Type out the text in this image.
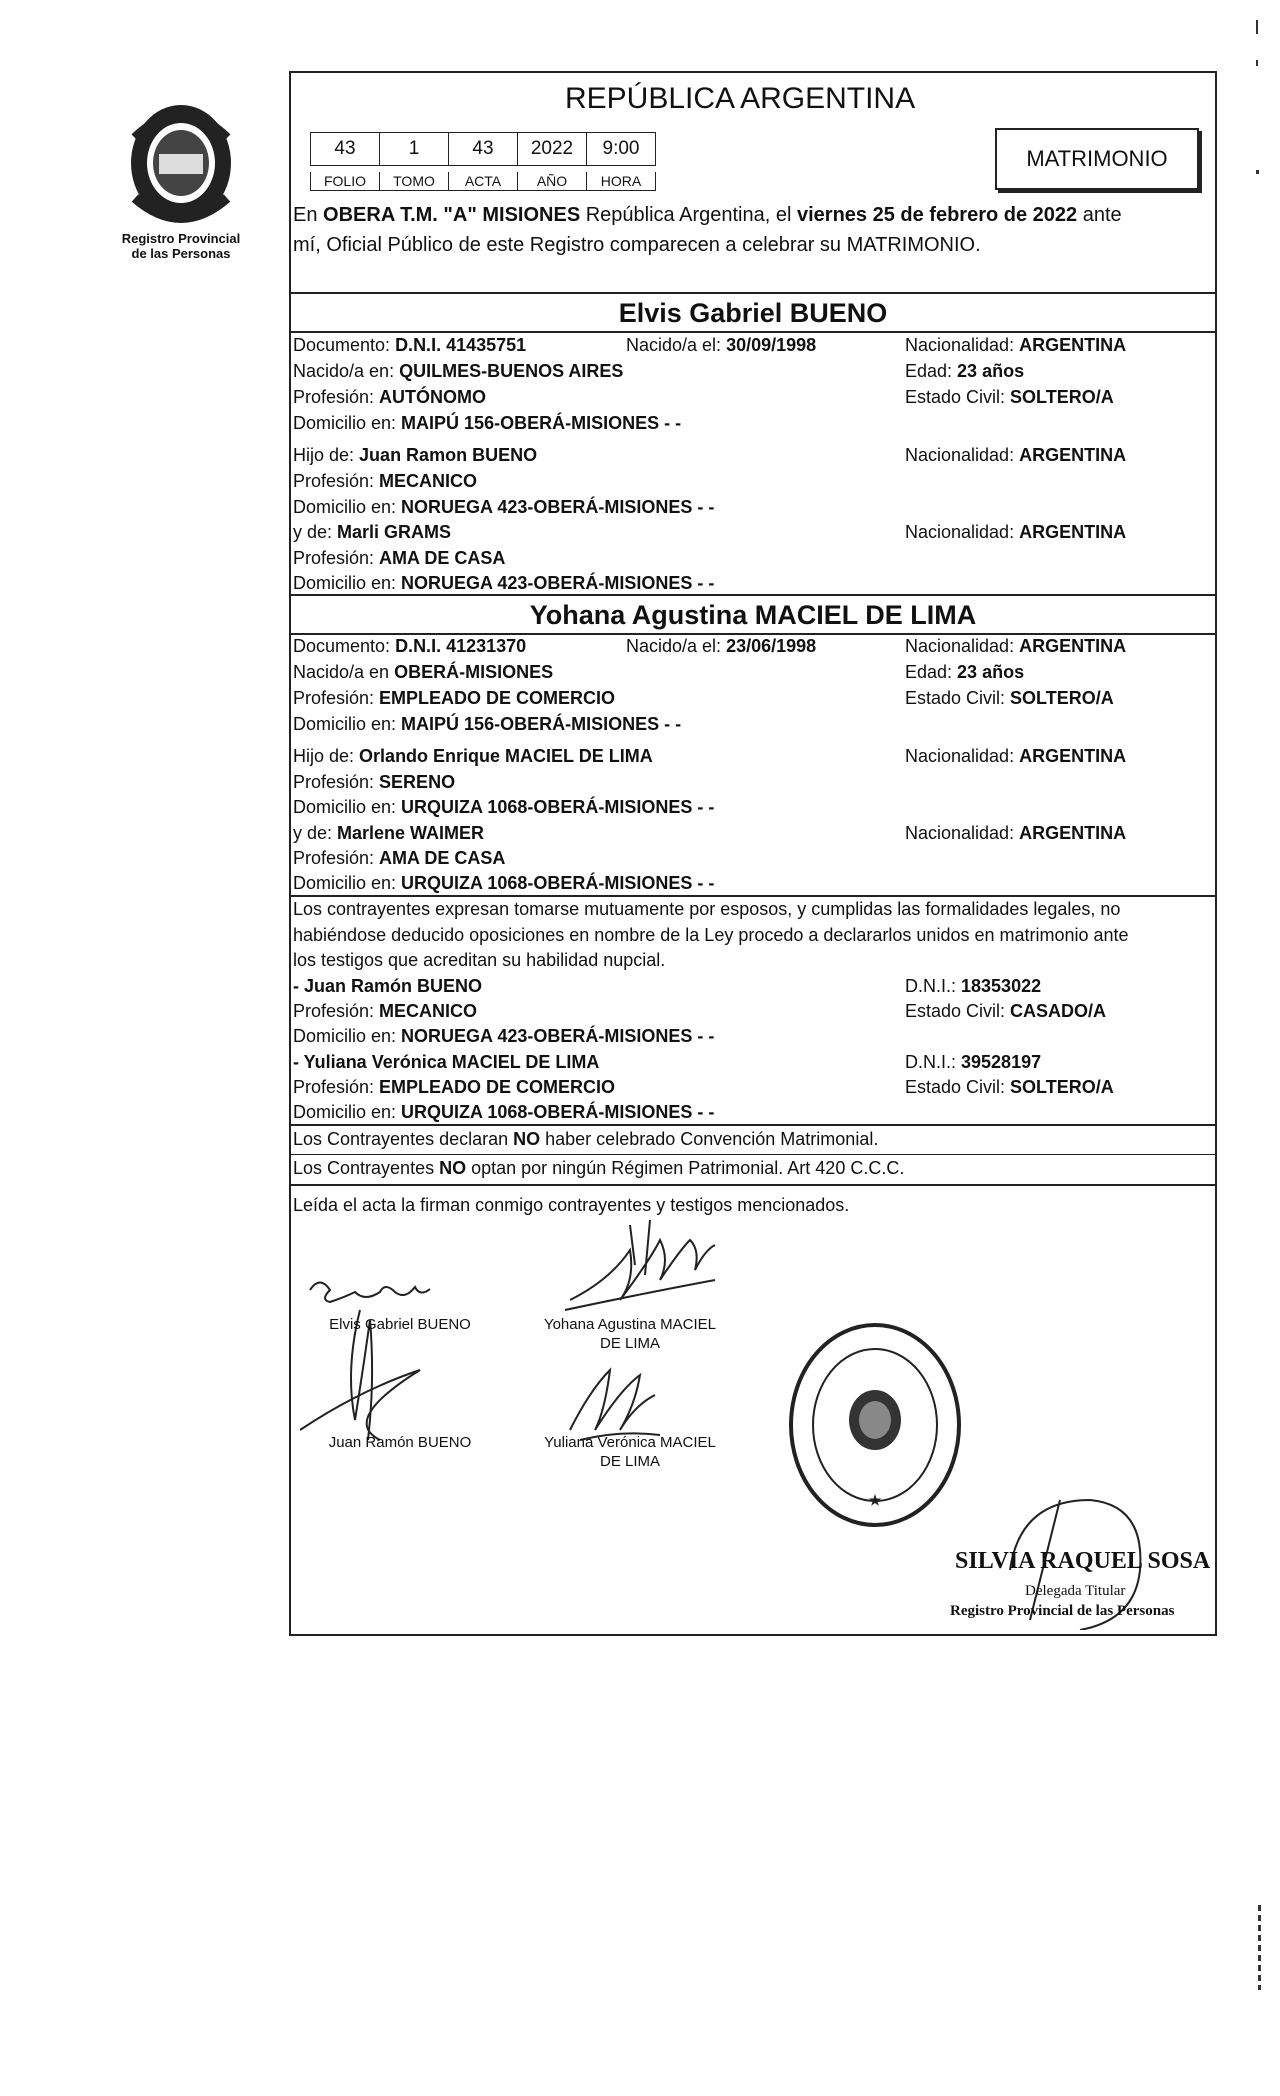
Registro Provincial
de las Personas
REPÚBLICA ARGENTINA
43	1	43	2022	9:00
FOLIO	TOMO	ACTA	AÑO	HORA
MATRIMONIO
En OBERA T.M. "A" MISIONES República Argentina, el viernes 25 de febrero de 2022 ante
mí, Oficial Público de este Registro comparecen a celebrar su MATRIMONIO.
Elvis Gabriel BUENO
Documento: D.N.I. 41435751	Nacido/a el: 30/09/1998	Nacionalidad: ARGENTINA
Nacido/a en: QUILMES-BUENOS AIRES	Edad: 23 años
Profesión: AUTÓNOMO	Estado Civil: SOLTERO/A
Domicilio en: MAIPÚ 156-OBERÁ-MISIONES - -
Hijo de: Juan Ramon BUENO	Nacionalidad: ARGENTINA
Profesión: MECANICO
Domicilio en: NORUEGA 423-OBERÁ-MISIONES - -
y de: Marli GRAMS	Nacionalidad: ARGENTINA
Profesión: AMA DE CASA
Domicilio en: NORUEGA 423-OBERÁ-MISIONES - -
Yohana Agustina MACIEL DE LIMA
Documento: D.N.I. 41231370	Nacido/a el: 23/06/1998	Nacionalidad: ARGENTINA
Nacido/a en OBERÁ-MISIONES	Edad: 23 años
Profesión: EMPLEADO DE COMERCIO	Estado Civil: SOLTERO/A
Domicilio en: MAIPÚ 156-OBERÁ-MISIONES - -
Hijo de: Orlando Enrique MACIEL DE LIMA	Nacionalidad: ARGENTINA
Profesión: SERENO
Domicilio en: URQUIZA 1068-OBERÁ-MISIONES - -
y de: Marlene WAIMER	Nacionalidad: ARGENTINA
Profesión: AMA DE CASA
Domicilio en: URQUIZA 1068-OBERÁ-MISIONES - -
Los contrayentes expresan tomarse mutuamente por esposos, y cumplidas las formalidades legales, no
habiéndose deducido oposiciones en nombre de la Ley procedo a declararlos unidos en matrimonio ante
los testigos que acreditan su habilidad nupcial.
- Juan Ramón BUENO	D.N.I.: 18353022
Profesión: MECANICO	Estado Civil: CASADO/A
Domicilio en: NORUEGA 423-OBERÁ-MISIONES - -
- Yuliana Verónica MACIEL DE LIMA	D.N.I.: 39528197
Profesión: EMPLEADO DE COMERCIO	Estado Civil: SOLTERO/A
Domicilio en: URQUIZA 1068-OBERÁ-MISIONES - -
Los Contrayentes declaran NO haber celebrado Convención Matrimonial.
Los Contrayentes NO optan por ningún Régimen Patrimonial. Art 420 C.C.C.
Leída el acta la firman conmigo contrayentes y testigos mencionados.
Elvis Gabriel BUENO	Yohana Agustina MACIEL
DE LIMA
Juan Ramón BUENO	Yuliana Verónica MACIEL
DE LIMA
★
SILVIA RAQUEL SOSA
Delegada Titular
Registro Provincial de las Personas
